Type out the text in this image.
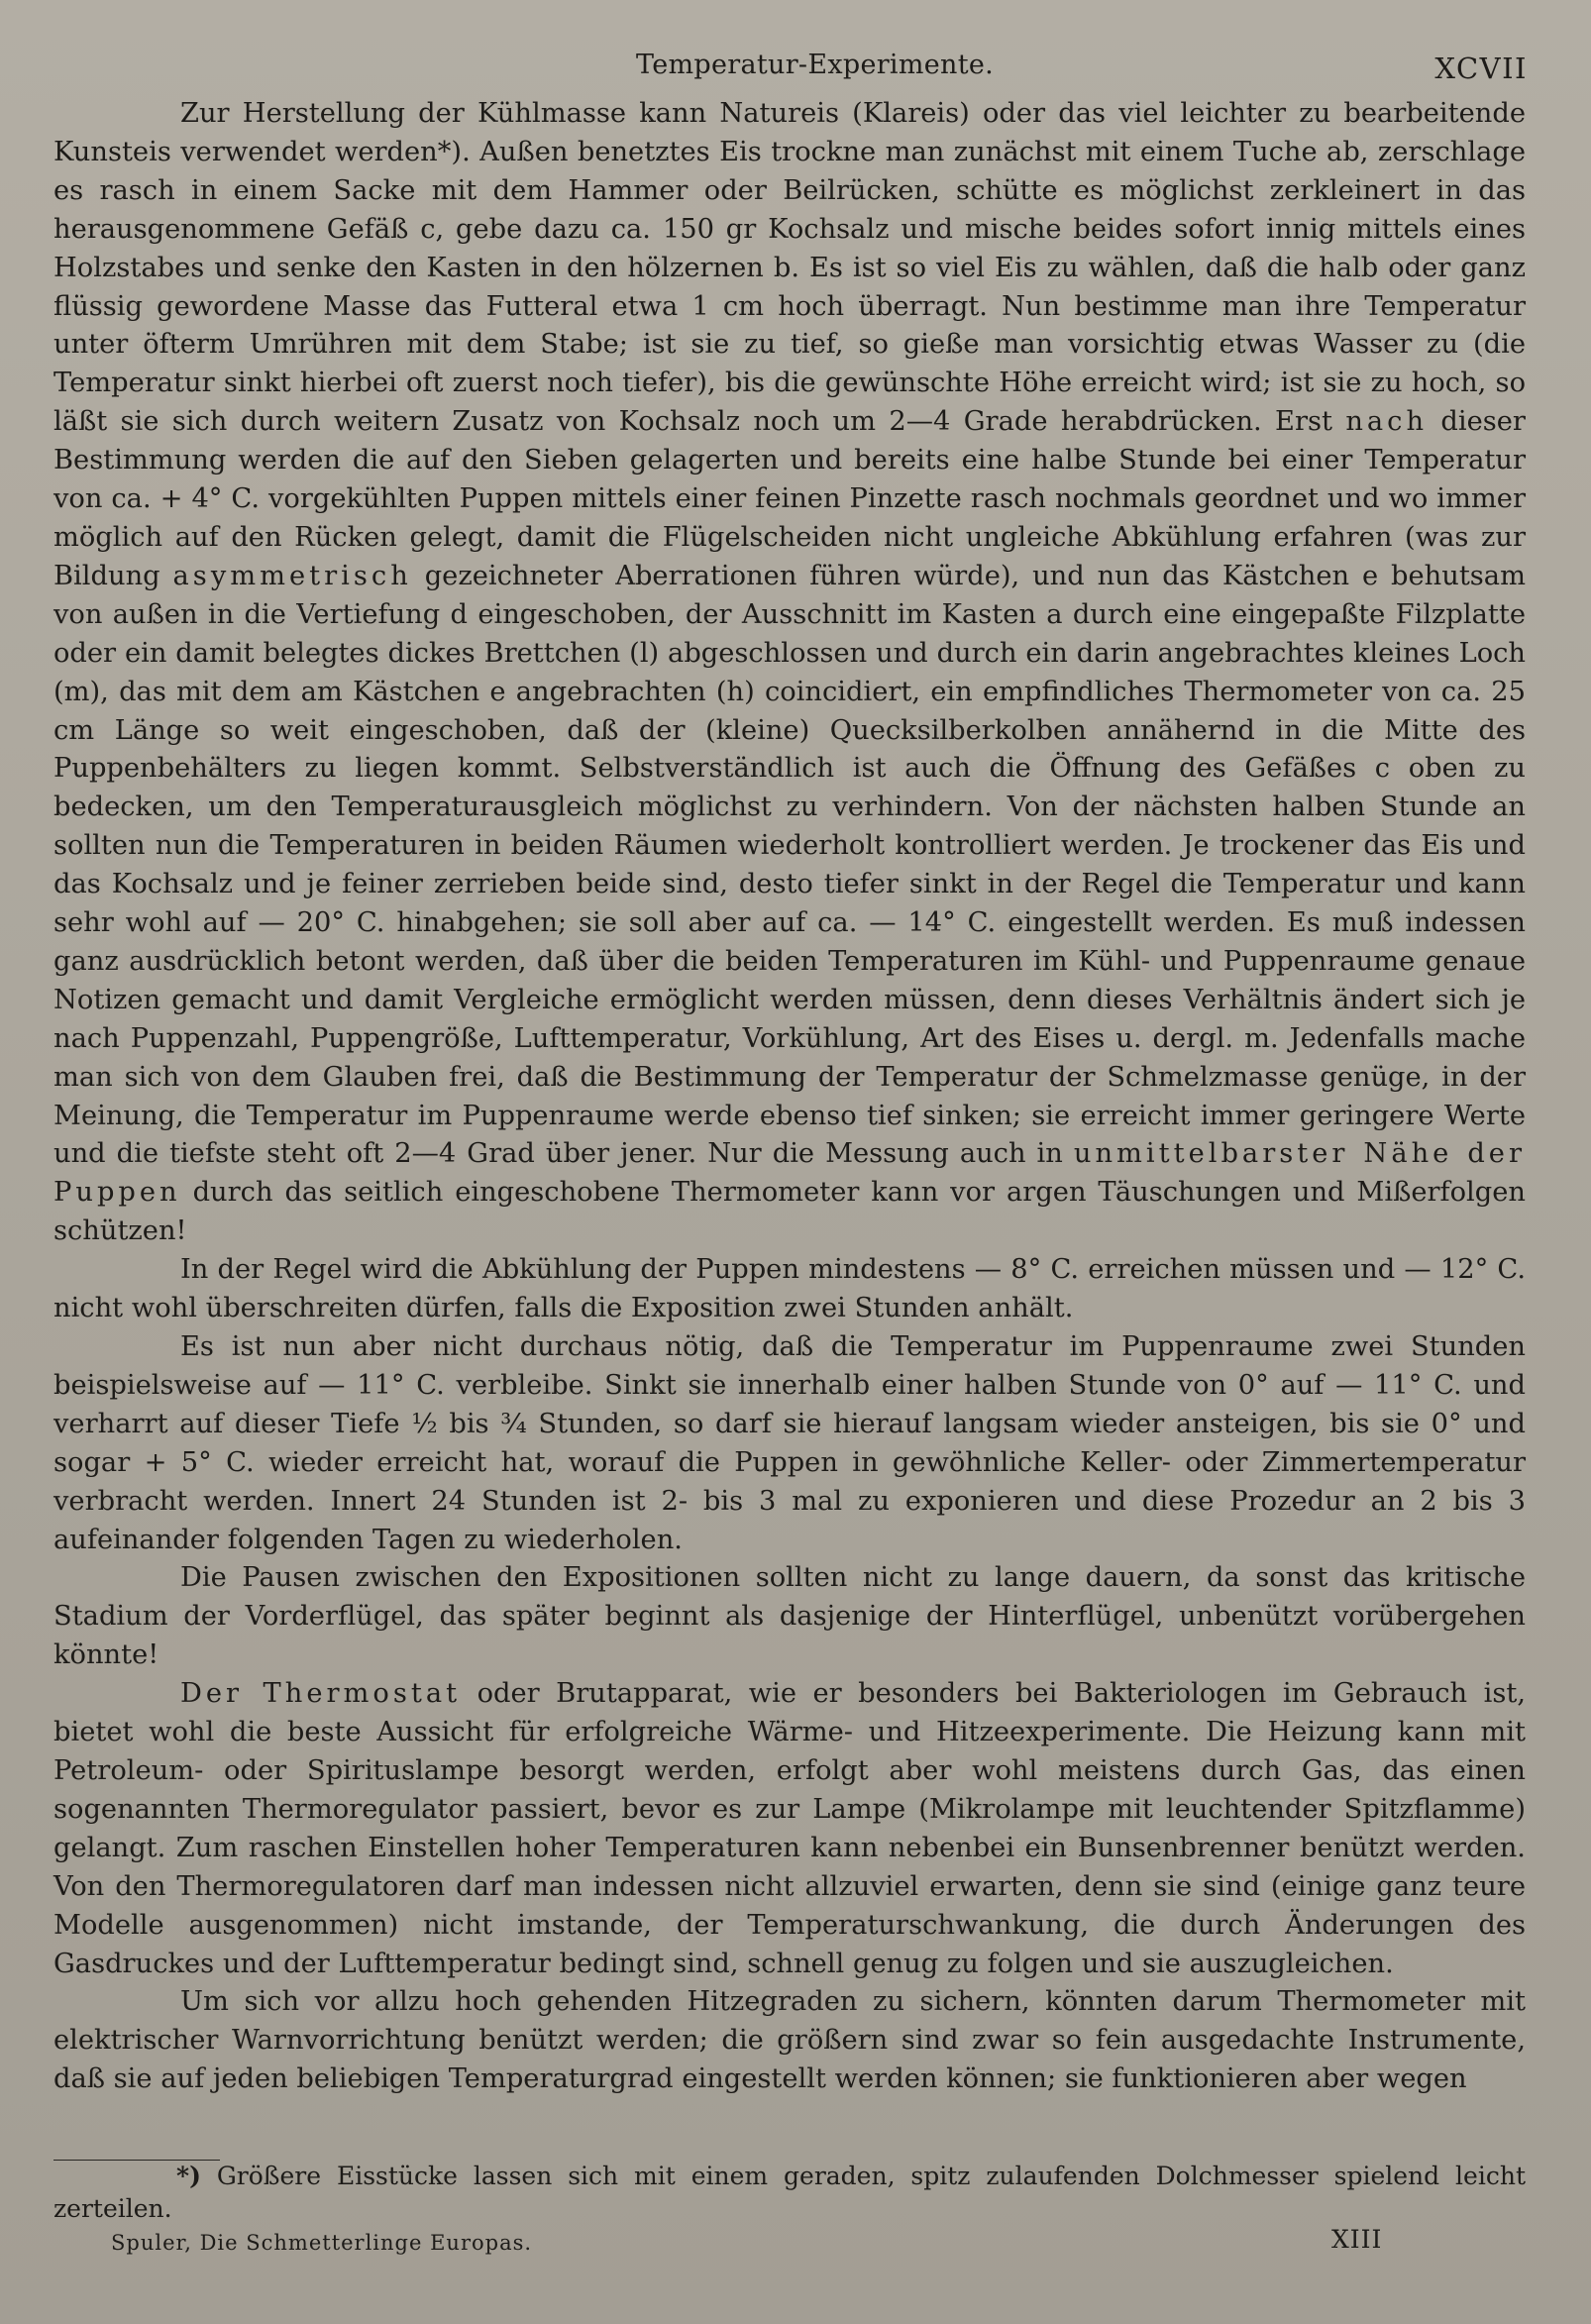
Temperatur-Experimente.	XCVII

Zur Herstellung der Kühlmasse kann Natureis (Klareis) oder das viel leichter zu bearbeitende Kunsteis verwendet werden*). Außen benetztes Eis trockne man zunächst mit einem Tuche ab, zerschlage es rasch in einem Sacke mit dem Hammer oder Beilrücken, schütte es möglichst zerkleinert in das herausgenommene Gefäß c, gebe dazu ca. 150 gr Kochsalz und mische beides sofort innig mittels eines Holzstabes und senke den Kasten in den hölzernen b. Es ist so viel Eis zu wählen, daß die halb oder ganz flüssig gewordene Masse das Futteral etwa 1 cm hoch überragt. Nun bestimme man ihre Temperatur unter öfterm Umrühren mit dem Stabe; ist sie zu tief, so gieße man vorsichtig etwas Wasser zu (die Temperatur sinkt hierbei oft zuerst noch tiefer), bis die gewünschte Höhe erreicht wird; ist sie zu hoch, so läßt sie sich durch weitern Zusatz von Kochsalz noch um 2—4 Grade herabdrücken. Erst nach dieser Bestimmung werden die auf den Sieben gelagerten und bereits eine halbe Stunde bei einer Temperatur von ca. + 4° C. vorgekühlten Puppen mittels einer feinen Pinzette rasch nochmals geordnet und wo immer möglich auf den Rücken gelegt, damit die Flügelscheiden nicht ungleiche Abkühlung erfahren (was zur Bildung asymmetrisch gezeichneter Aberrationen führen würde), und nun das Kästchen e behutsam von außen in die Vertiefung d eingeschoben, der Ausschnitt im Kasten a durch eine eingepaßte Filzplatte oder ein damit belegtes dickes Brettchen (l) abgeschlossen und durch ein darin angebrachtes kleines Loch (m), das mit dem am Kästchen e angebrachten (h) coincidiert, ein empfindliches Thermometer von ca. 25 cm Länge so weit eingeschoben, daß der (kleine) Quecksilberkolben annähernd in die Mitte des Puppenbehälters zu liegen kommt. Selbstverständlich ist auch die Öffnung des Gefäßes c oben zu bedecken, um den Temperaturausgleich möglichst zu verhindern. Von der nächsten halben Stunde an sollten nun die Temperaturen in beiden Räumen wiederholt kontrolliert werden. Je trockener das Eis und das Kochsalz und je feiner zerrieben beide sind, desto tiefer sinkt in der Regel die Temperatur und kann sehr wohl auf — 20° C. hinabgehen; sie soll aber auf ca. — 14° C. eingestellt werden. Es muß indessen ganz ausdrücklich betont werden, daß über die beiden Temperaturen im Kühl- und Puppenraume genaue Notizen gemacht und damit Vergleiche ermöglicht werden müssen, denn dieses Verhältnis ändert sich je nach Puppenzahl, Puppengröße, Lufttemperatur, Vorkühlung, Art des Eises u. dergl. m. Jedenfalls mache man sich von dem Glauben frei, daß die Bestimmung der Temperatur der Schmelzmasse genüge, in der Meinung, die Temperatur im Puppenraume werde ebenso tief sinken; sie erreicht immer geringere Werte und die tiefste steht oft 2—4 Grad über jener. Nur die Messung auch in unmittelbarster Nähe der Puppen durch das seitlich eingeschobene Thermometer kann vor argen Täuschungen und Mißerfolgen schützen!

In der Regel wird die Abkühlung der Puppen mindestens — 8° C. erreichen müssen und — 12° C. nicht wohl überschreiten dürfen, falls die Exposition zwei Stunden anhält.

Es ist nun aber nicht durchaus nötig, daß die Temperatur im Puppenraume zwei Stunden beispielsweise auf — 11° C. verbleibe. Sinkt sie innerhalb einer halben Stunde von 0° auf — 11° C. und verharrt auf dieser Tiefe ½ bis ¾ Stunden, so darf sie hierauf langsam wieder ansteigen, bis sie 0° und sogar + 5° C. wieder erreicht hat, worauf die Puppen in gewöhnliche Keller- oder Zimmertemperatur verbracht werden. Innert 24 Stunden ist 2- bis 3 mal zu exponieren und diese Prozedur an 2 bis 3 aufeinander folgenden Tagen zu wiederholen.

Die Pausen zwischen den Expositionen sollten nicht zu lange dauern, da sonst das kritische Stadium der Vorderflügel, das später beginnt als dasjenige der Hinterflügel, unbenützt vorübergehen könnte!

Der Thermostat oder Brutapparat, wie er besonders bei Bakteriologen im Gebrauch ist, bietet wohl die beste Aussicht für erfolgreiche Wärme- und Hitzeexperimente. Die Heizung kann mit Petroleum- oder Spirituslampe besorgt werden, erfolgt aber wohl meistens durch Gas, das einen sogenannten Thermoregulator passiert, bevor es zur Lampe (Mikrolampe mit leuchtender Spitzflamme) gelangt. Zum raschen Einstellen hoher Temperaturen kann nebenbei ein Bunsenbrenner benützt werden. Von den Thermoregulatoren darf man indessen nicht allzuviel erwarten, denn sie sind (einige ganz teure Modelle ausgenommen) nicht imstande, der Temperaturschwankung, die durch Änderungen des Gasdruckes und der Lufttemperatur bedingt sind, schnell genug zu folgen und sie auszugleichen.

Um sich vor allzu hoch gehenden Hitzegraden zu sichern, könnten darum Thermometer mit elektrischer Warnvorrichtung benützt werden; die größern sind zwar so fein ausgedachte Instrumente, daß sie auf jeden beliebigen Temperaturgrad eingestellt werden können; sie funktionieren aber wegen

*) Größere Eisstücke lassen sich mit einem geraden, spitz zulaufenden Dolchmesser spielend leicht zerteilen.

Spuler, Die Schmetterlinge Europas.	XIII
